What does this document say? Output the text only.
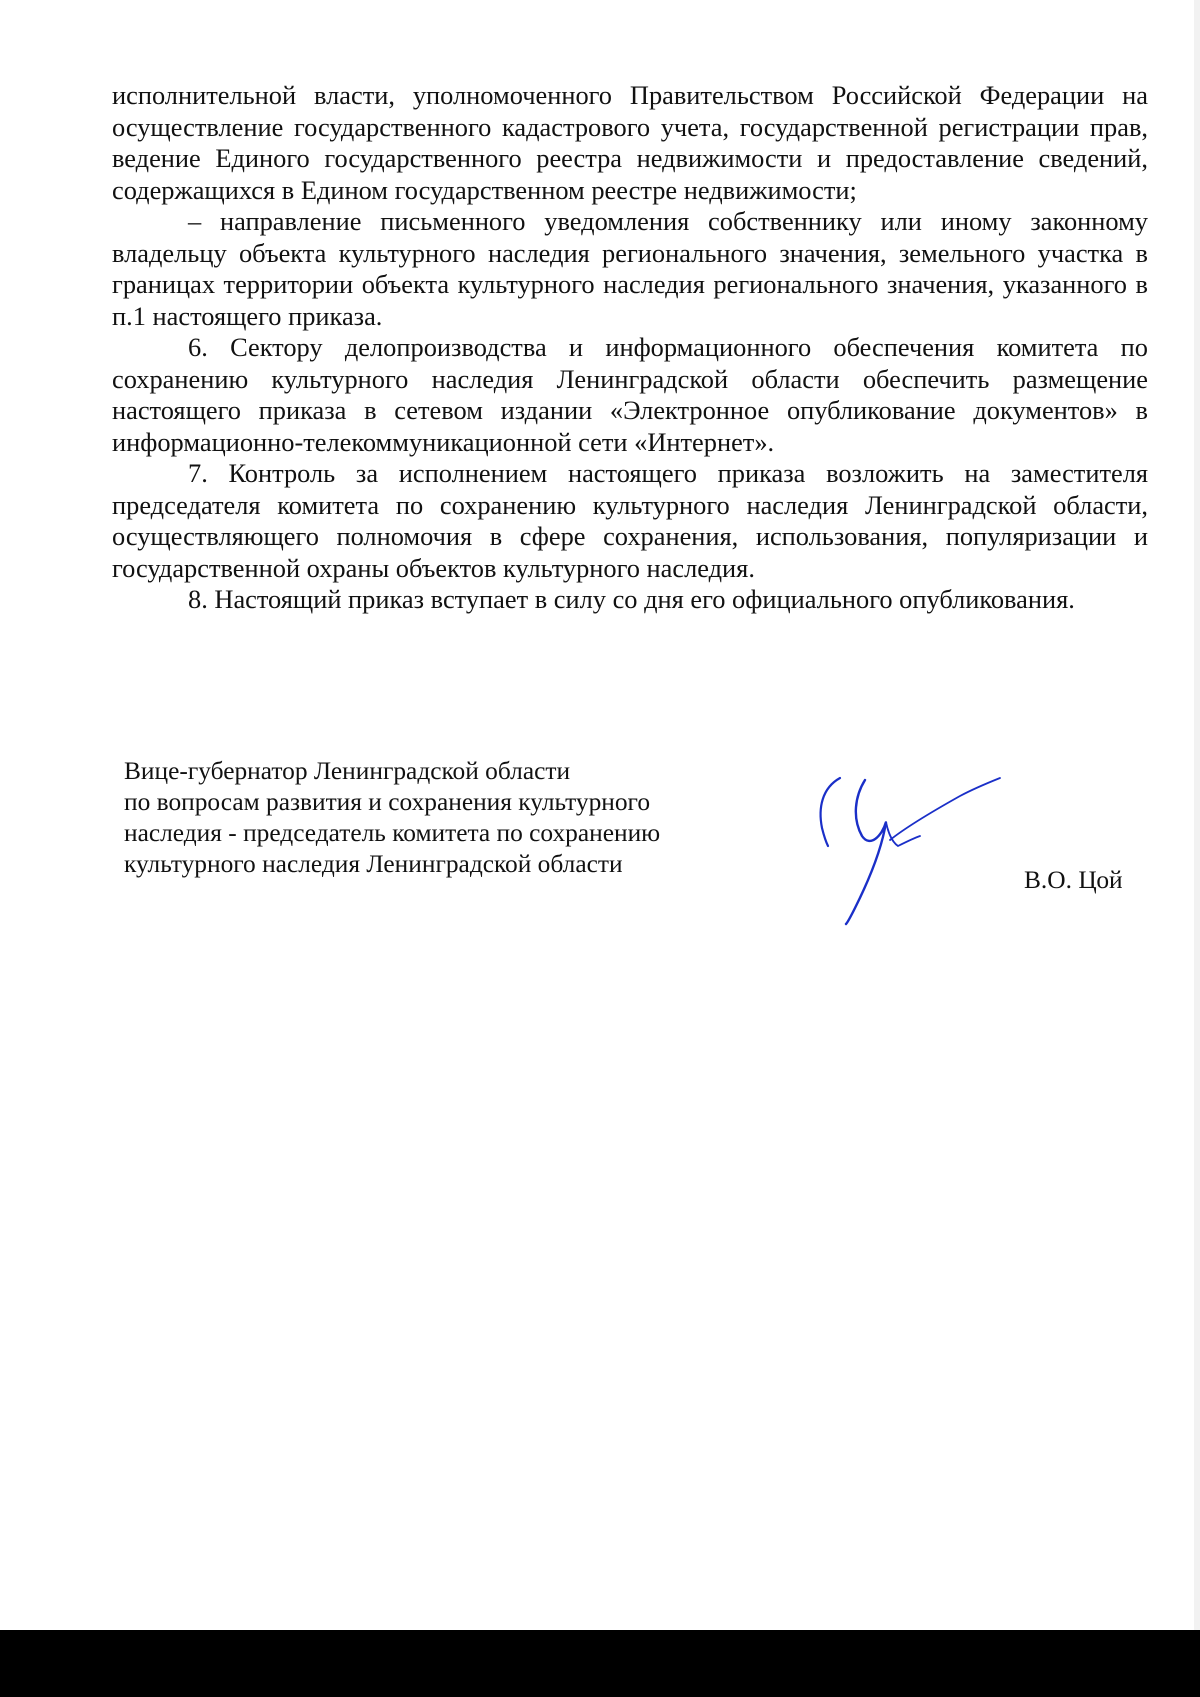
исполнительной власти, уполномоченного Правительством Российской Федерации на осуществление государственного кадастрового учета, государственной регистрации прав, ведение Единого государственного реестра недвижимости и предоставление сведений, содержащихся в Едином государственном реестре недвижимости;

– направление письменного уведомления собственнику или иному законному владельцу объекта культурного наследия регионального значения, земельного участка в границах территории объекта культурного наследия регионального значения, указанного в п.1 настоящего приказа.

6. Сектору делопроизводства и информационного обеспечения комитета по сохранению культурного наследия Ленинградской области обеспечить размещение настоящего приказа в сетевом издании «Электронное опубликование документов» в информационно-телекоммуникационной сети «Интернет».

7. Контроль за исполнением настоящего приказа возложить на заместителя председателя комитета по сохранению культурного наследия Ленинградской области, осуществляющего полномочия в сфере сохранения, использования, популяризации и государственной охраны объектов культурного наследия.

8. Настоящий приказ вступает в силу со дня его официального опубликования.

Вице-губернатор Ленинградской области
по вопросам развития и сохранения культурного
наследия - председатель комитета по сохранению
культурного наследия Ленинградской области
В.О. Цой
